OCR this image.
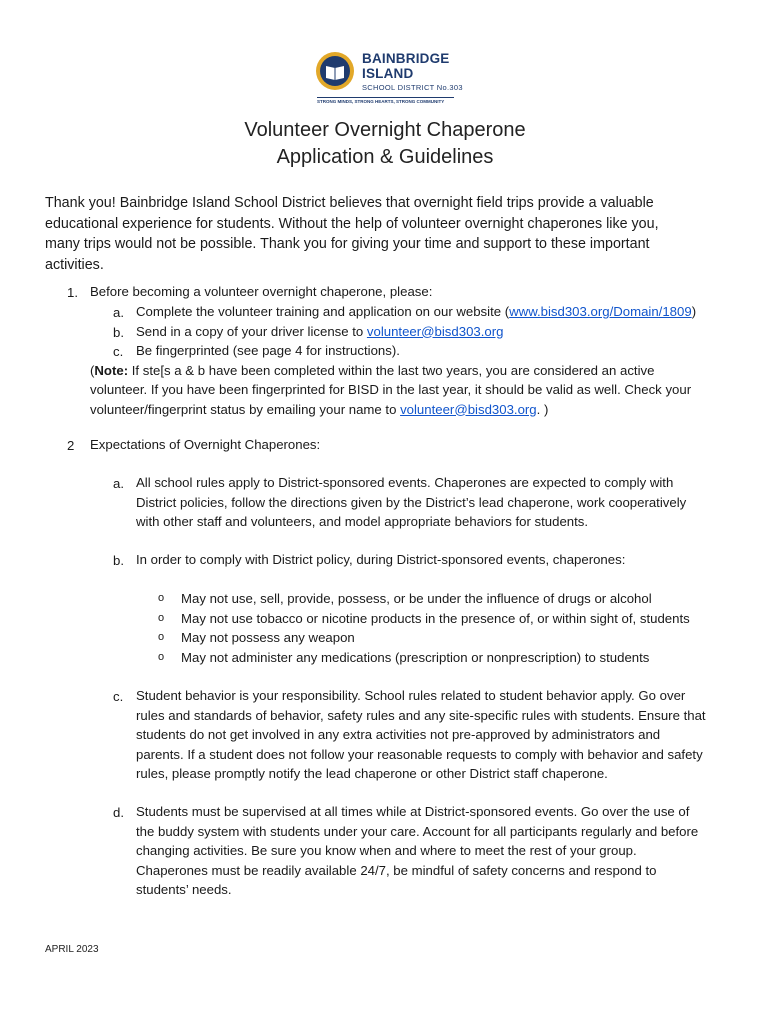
BAINBRIDGE
ISLAND
SCHOOL DISTRICT No.303
STRONG MINDS, STRONG HEARTS, STRONG COMMUNITY
Volunteer Overnight Chaperone
Application & Guidelines
Thank you! Bainbridge Island School District believes that overnight field trips provide a valuable
educational experience for students. Without the help of volunteer overnight chaperones like you,
many trips would not be possible. Thank you for giving your time and support to these important
activities.
1. Before becoming a volunteer overnight chaperone, please:
a. Complete the volunteer training and application on our website (www.bisd303.org/Domain/1809)
b. Send in a copy of your driver license to volunteer@bisd303.org
c. Be fingerprinted (see page 4 for instructions).
(Note: If ste[s a & b have been completed within the last two years, you are considered an active
volunteer. If you have been fingerprinted for BISD in the last year, it should be valid as well. Check your
volunteer/fingerprint status by emailing your name to volunteer@bisd303.org. )
2 Expectations of Overnight Chaperones:
a. All school rules apply to District-sponsored events. Chaperones are expected to comply with
District policies, follow the directions given by the District’s lead chaperone, work cooperatively
with other staff and volunteers, and model appropriate behaviors for students.
b. In order to comply with District policy, during District-sponsored events, chaperones:
o May not use, sell, provide, possess, or be under the influence of drugs or alcohol
o May not use tobacco or nicotine products in the presence of, or within sight of, students
o May not possess any weapon
o May not administer any medications (prescription or nonprescription) to students
c. Student behavior is your responsibility. School rules related to student behavior apply. Go over
rules and standards of behavior, safety rules and any site-specific rules with students. Ensure that
students do not get involved in any extra activities not pre-approved by administrators and
parents. If a student does not follow your reasonable requests to comply with behavior and safety
rules, please promptly notify the lead chaperone or other District staff chaperone.
d. Students must be supervised at all times while at District-sponsored events. Go over the use of
the buddy system with students under your care. Account for all participants regularly and before
changing activities. Be sure you know when and where to meet the rest of your group.
Chaperones must be readily available 24/7, be mindful of safety concerns and respond to
students’ needs.
APRIL 2023
